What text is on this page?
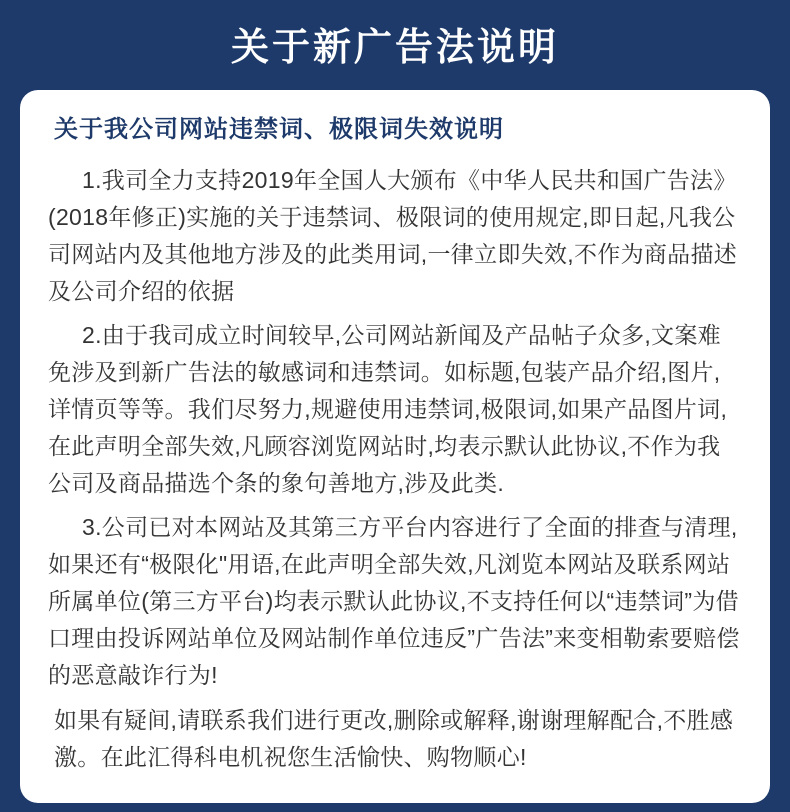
关于新广告法说明
关于我公司网站违禁词、极限词失效说明

1.我司全力支持2019年全国人大颁布《中华人民共和国广告法》(2018年修正)实施的关于违禁词、极限词的使用规定,即日起,凡我公司网站内及其他地方涉及的此类用词,一律立即失效,不作为商品描述及公司介绍的依据

2.由于我司成立时间较早,公司网站新闻及产品帖子众多,文案难免涉及到新广告法的敏感词和违禁词。如标题,包装产品介绍,图片,详情页等等。我们尽努力,规避使用违禁词,极限词,如果产品图片词,在此声明全部失效,凡顾容浏览网站时,均表示默认此协议,不作为我公司及商品描选个条的象句善地方,涉及此类.

3.公司已对本网站及其第三方平台内容进行了全面的排查与清理,如果还有“极限化"用语,在此声明全部失效,凡浏览本网站及联系网站所属单位(第三方平台)均表示默认此协议,不支持任何以“违禁词”为借口理由投诉网站单位及网站制作单位违反”广告法”来变相勒索要赔偿的恶意敲诈行为!

如果有疑间,请联系我们进行更改,删除或解释,谢谢理解配合,不胜感激。在此汇得科电机祝您生活愉快、购物顺心!
